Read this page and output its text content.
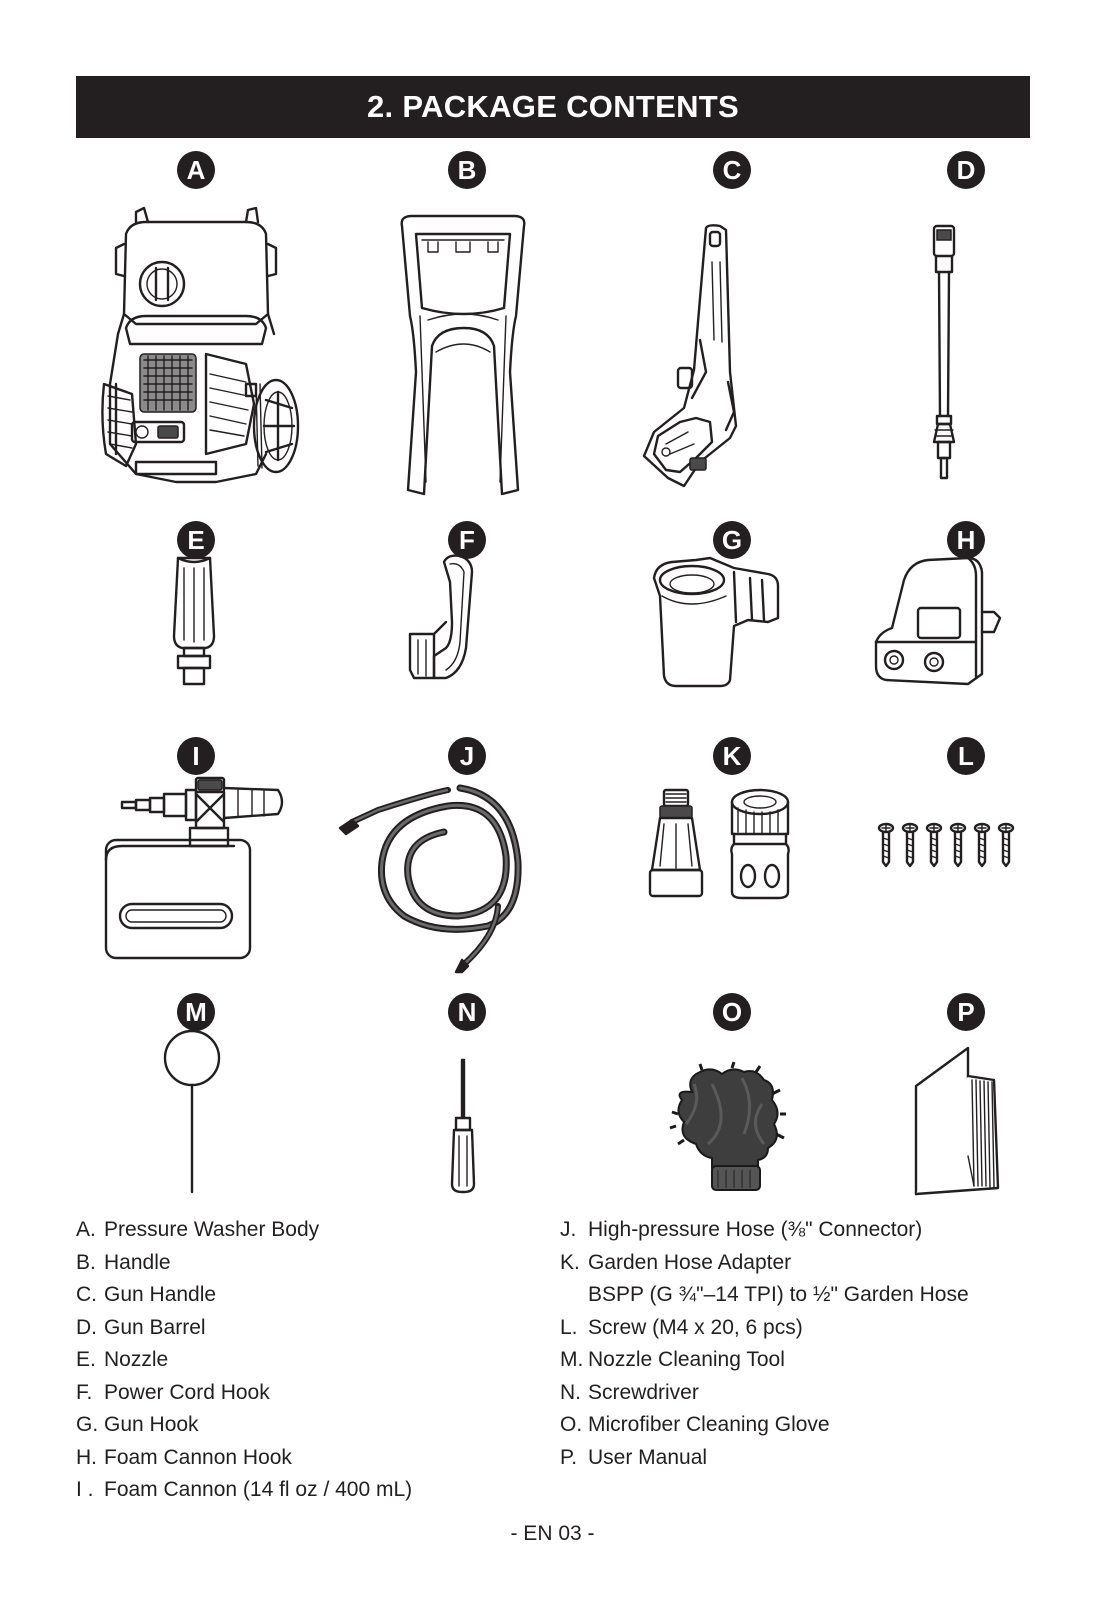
2. PACKAGE CONTENTS
A	B	C	D
E	F	G	H
I	J	K	L
M	N	O	P
A. Pressure Washer Body
B. Handle
C. Gun Handle
D. Gun Barrel
E. Nozzle
F. Power Cord Hook
G. Gun Hook
H. Foam Cannon Hook
I . Foam Cannon (14 fl oz / 400 mL)
J. High-pressure Hose (⅜" Connector)
K. Garden Hose Adapter
BSPP (G ¾"–14 TPI) to ½" Garden Hose
L. Screw (M4 x 20, 6 pcs)
M. Nozzle Cleaning Tool
N. Screwdriver
O. Microfiber Cleaning Glove
P. User Manual
- EN 03 -
